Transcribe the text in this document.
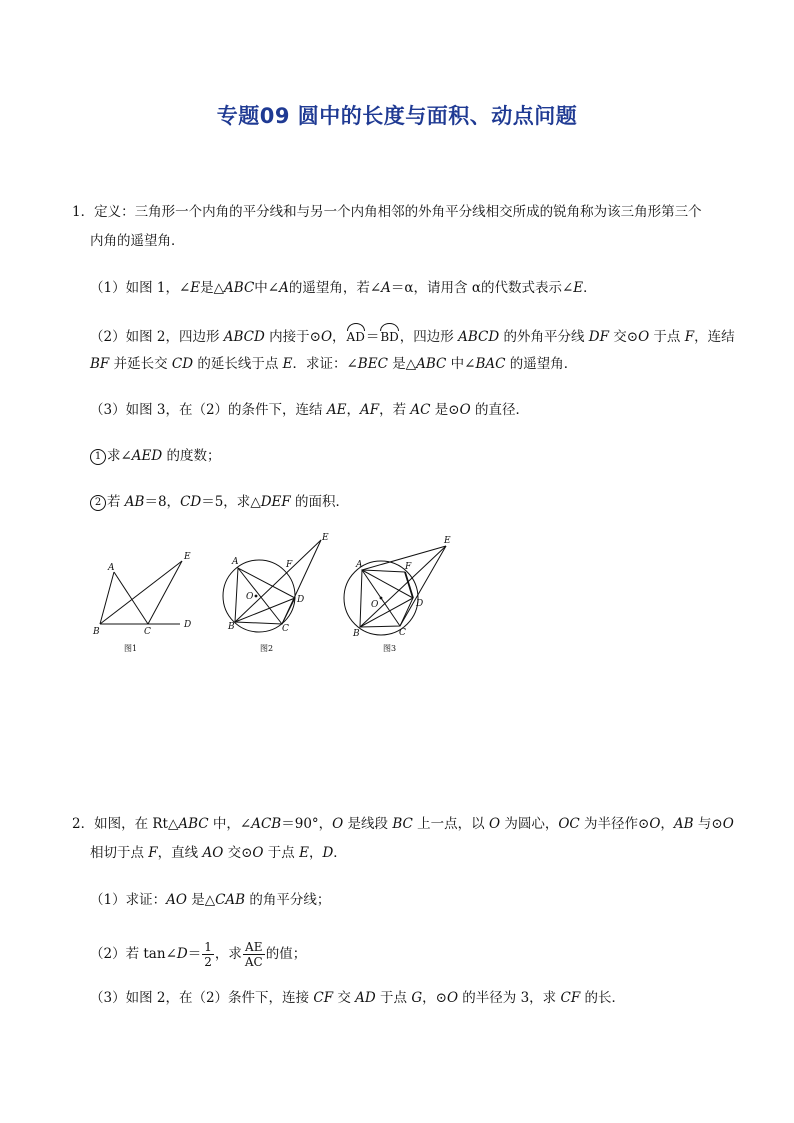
专题09 圆中的长度与面积、动点问题
1．定义：三角形一个内角的平分线和与另一个内角相邻的外角平分线相交所成的锐角称为该三角形第三个
内角的遥望角．
（1）如图 1，∠E是△ABC中∠A的遥望角，若∠A＝α，请用含 α的代数式表示∠E．
（2）如图 2，四边形 ABCD 内接于⊙O，AD＝BD，四边形 ABCD 的外角平分线 DF 交⊙O 于点 F，连结
BF 并延长交 CD 的延长线于点 E．求证：∠BEC 是△ABC 中∠BAC 的遥望角．
（3）如图 3，在（2）的条件下，连结 AE，AF，若 AC 是⊙O 的直径．
1 求∠AED 的度数；
2 若 AB＝8，CD＝5，求△DEF 的面积．
A
B	C
D
E
图1
A
B	C
D
E
F
O
图2
A
B	C
D
E
F
O
图3
2．如图，在 Rt△ABC 中，∠ACB＝90°，O 是线段 BC 上一点，以 O 为圆心，OC 为半径作⊙O，AB 与⊙O
相切于点 F，直线 AO 交⊙O 于点 E，D．
（1）求证：AO 是△CAB 的角平分线；
（2）若 tan∠D＝ $\frac{1}{2}$ ，求 $\frac{AE}{AC}$ 的值；
（3）如图 2，在（2）条件下，连接 CF 交 AD 于点 G，⊙O 的半径为 3，求 CF 的长．
